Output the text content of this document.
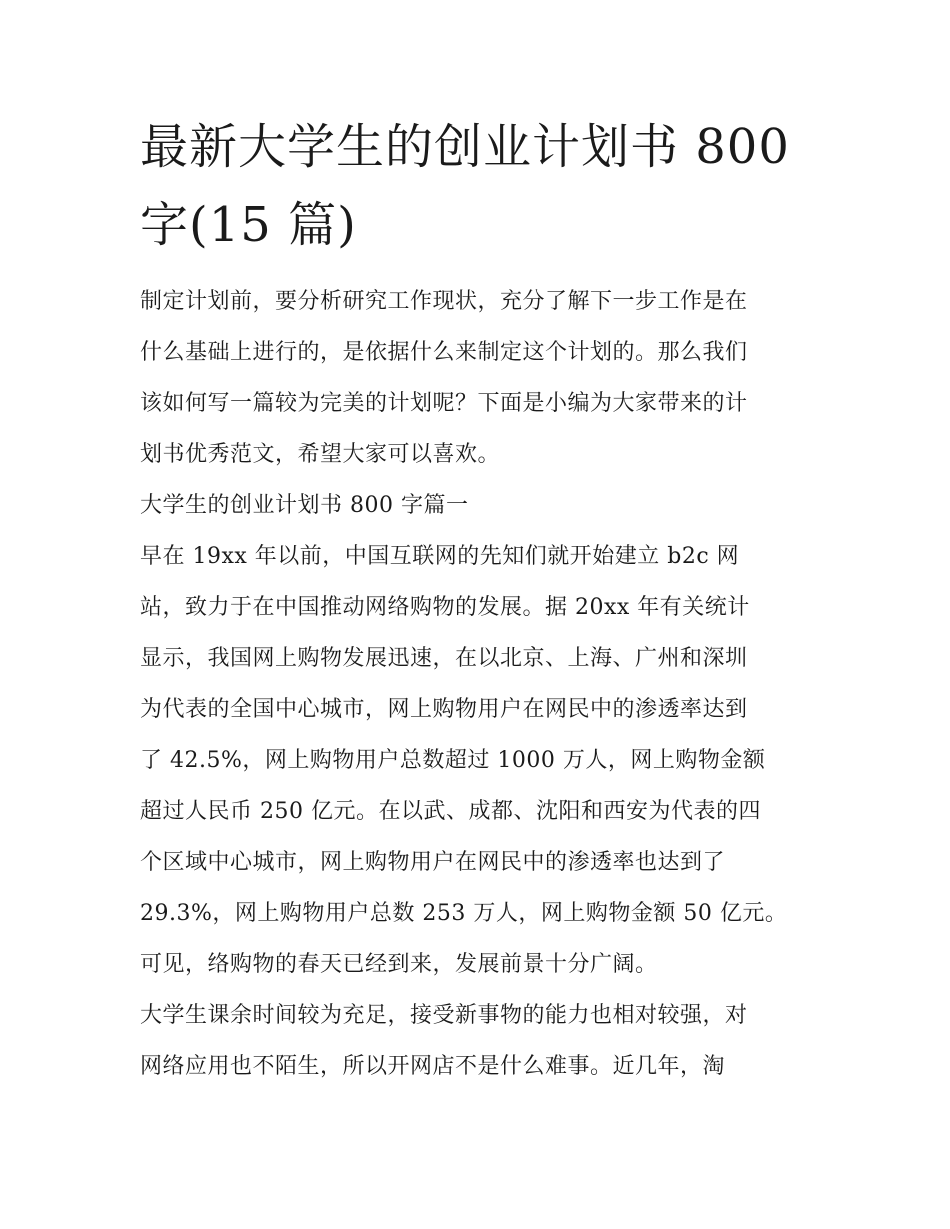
最新大学生的创业计划书 800
字(15 篇)

制定计划前，要分析研究工作现状，充分了解下一步工作是在
什么基础上进行的，是依据什么来制定这个计划的。那么我们
该如何写一篇较为完美的计划呢？下面是小编为大家带来的计
划书优秀范文，希望大家可以喜欢。

大学生的创业计划书 800 字篇一

早在 19xx 年以前，中国互联网的先知们就开始建立 b2c 网
站，致力于在中国推动网络购物的发展。据 20xx 年有关统计
显示，我国网上购物发展迅速，在以北京、上海、广州和深圳
为代表的全国中心城市，网上购物用户在网民中的渗透率达到
了 42.5%，网上购物用户总数超过 1000 万人，网上购物金额
超过人民币 250 亿元。在以武、成都、沈阳和西安为代表的四
个区域中心城市，网上购物用户在网民中的渗透率也达到了
29.3%，网上购物用户总数 253 万人，网上购物金额 50 亿元。
可见，络购物的春天已经到来，发展前景十分广阔。

大学生课余时间较为充足，接受新事物的能力也相对较强，对
网络应用也不陌生，所以开网店不是什么难事。近几年，淘
